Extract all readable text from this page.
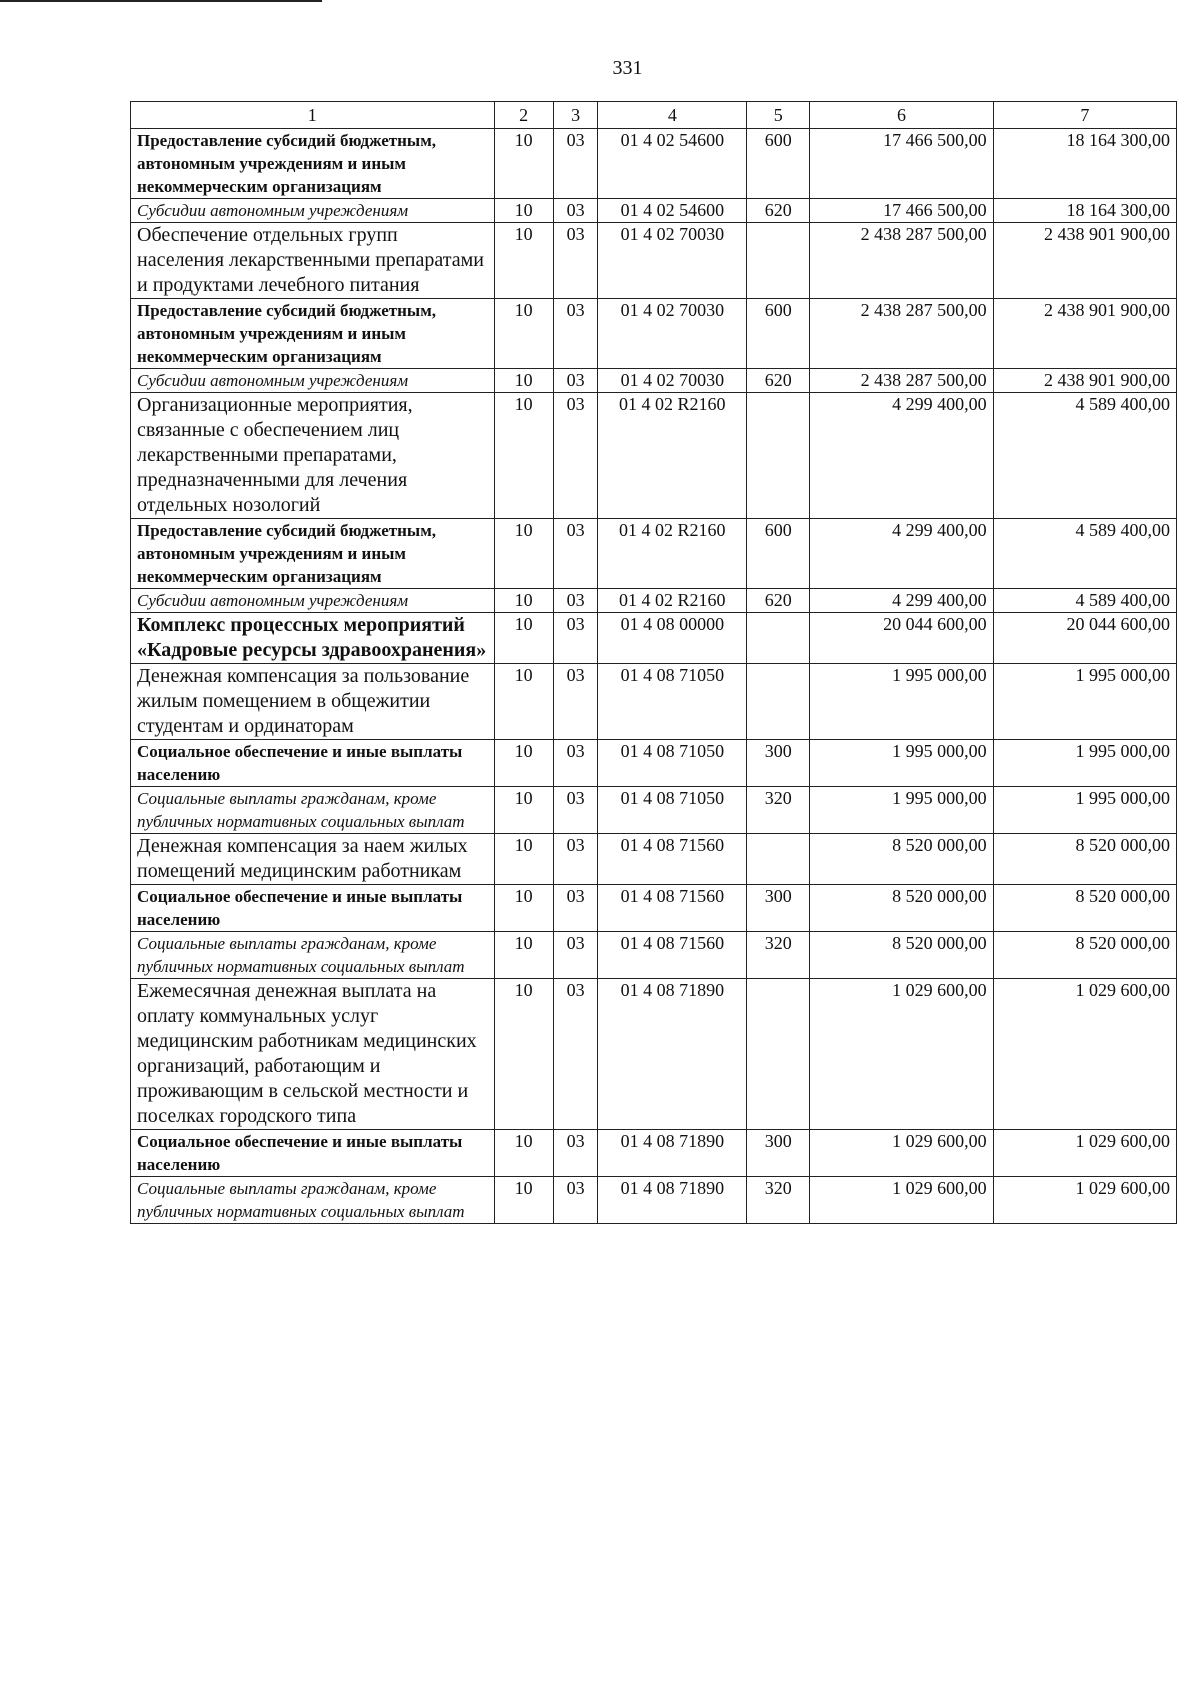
331
1	2	3	4	5	6	7
Предоставление субсидий бюджетным, автономным учреждениям и иным некоммерческим организациям	10	03	01 4 02 54600	600	17 466 500,00	18 164 300,00
Субсидии автономным учреждениям	10	03	01 4 02 54600	620	17 466 500,00	18 164 300,00
Обеспечение отдельных групп населения лекарственными препаратами и продуктами лечебного питания	10	03	01 4 02 70030		2 438 287 500,00	2 438 901 900,00
Предоставление субсидий бюджетным, автономным учреждениям и иным некоммерческим организациям	10	03	01 4 02 70030	600	2 438 287 500,00	2 438 901 900,00
Субсидии автономным учреждениям	10	03	01 4 02 70030	620	2 438 287 500,00	2 438 901 900,00
Организационные мероприятия, связанные с обеспечением лиц лекарственными препаратами, предназначенными для лечения отдельных нозологий	10	03	01 4 02 R2160		4 299 400,00	4 589 400,00
Предоставление субсидий бюджетным, автономным учреждениям и иным некоммерческим организациям	10	03	01 4 02 R2160	600	4 299 400,00	4 589 400,00
Субсидии автономным учреждениям	10	03	01 4 02 R2160	620	4 299 400,00	4 589 400,00
Комплекс процессных мероприятий «Кадровые ресурсы здравоохранения»	10	03	01 4 08 00000		20 044 600,00	20 044 600,00
Денежная компенсация за пользование жилым помещением в общежитии студентам и ординаторам	10	03	01 4 08 71050		1 995 000,00	1 995 000,00
Социальное обеспечение и иные выплаты населению	10	03	01 4 08 71050	300	1 995 000,00	1 995 000,00
Социальные выплаты гражданам, кроме публичных нормативных социальных выплат	10	03	01 4 08 71050	320	1 995 000,00	1 995 000,00
Денежная компенсация за наем жилых помещений медицинским работникам	10	03	01 4 08 71560		8 520 000,00	8 520 000,00
Социальное обеспечение и иные выплаты населению	10	03	01 4 08 71560	300	8 520 000,00	8 520 000,00
Социальные выплаты гражданам, кроме публичных нормативных социальных выплат	10	03	01 4 08 71560	320	8 520 000,00	8 520 000,00
Ежемесячная денежная выплата на оплату коммунальных услуг медицинским работникам медицинских организаций, работающим и проживающим в сельской местности и поселках городского типа	10	03	01 4 08 71890		1 029 600,00	1 029 600,00
Социальное обеспечение и иные выплаты населению	10	03	01 4 08 71890	300	1 029 600,00	1 029 600,00
Социальные выплаты гражданам, кроме публичных нормативных социальных выплат	10	03	01 4 08 71890	320	1 029 600,00	1 029 600,00
